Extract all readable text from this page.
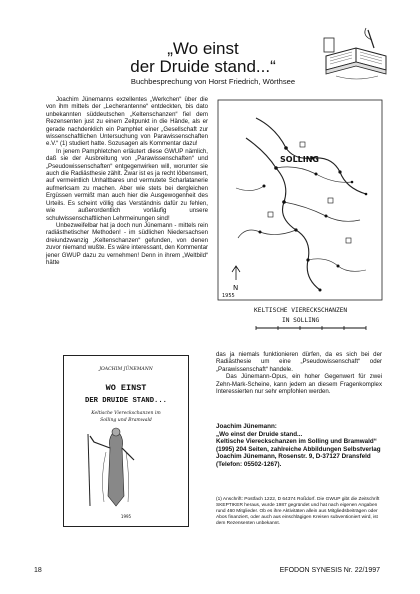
„Wo einst
der Druide stand...“
Buchbesprechung von Horst Friedrich, Wörthsee

Joachim Jünemanns exzellentes „Werkchen“ über die von ihm mittels der „Lecherantenne“ entdeckten, bis dato unbekannten süddeutschen „Keltenschanzen“ fiel dem Rezensenten just zu einem Zeitpunkt in die Hände, als er gerade nachdenklich ein Pamphlet einer „Gesellschaft zur wissenschaftlichen Untersuchung von Parawissenschaften e.V.“ (1) studiert hatte. Sozusagen als Kommentar dazu!

In jenem Pamphletchen erläutert diese GWUP nämlich, daß sie der Ausbreitung von „Parawissenschaften“ und „Pseudowissenschaften“ entgegenwirken will, worunter sie auch die Radiästhesie zählt. Zwar ist es ja recht löbenswert, auf vermeintlich Unhaltbares und vermutete Scharlatanerie aufmerksam zu machen. Aber wie stets bei dergleichen Ergüssen vermißt man auch hier die Ausgewogenheit des Urteils. Es scheint völlig das Verständnis dafür zu fehlen, wie außerordentlich vorläufig unsere schulwissenschaftlichen Lehrmeinungen sind!

Unbezweifelbar hat ja doch nun Jünemann - mittels rein radiästhetischer Methoden! - im südlichen Niedersachsen dreiundzwanzig „Keltenschanzen“ gefunden, von denen zuvor niemand wußte. Es wäre interessant, den Kommentar jener GWUP dazu zu vernehmen! Denn in ihrem „Weltbild“ hätte

SOLLING
N
1955
KELTISCHE VIERECKSCHANZEN
IN SOLLING
JOACHIM JÜNEMANN
WO EINST
DER DRUIDE STAND...
Keltische Viereckschanzen im
Solling und Bramwald
1995

das ja niemals funktionieren dürfen, da es sich bei der Radiästhesie um eine „Pseudowissenschaft“ oder „Parawissenschaft“ handele.

Das Jünemann-Opus, ein hoher Gegenwert für zwei Zehn-Mark-Scheine, kann jedem an diesem Fragenkomplex Interessierten nur sehr empfohlen werden.

Joachim Jünemann:
„Wo einst der Druide stand...
Keltische Viereckschanzen im Solling und Bramwald“
(1995) 204 Seiten, zahlreiche Abbildungen Selbstverlag Joachim Jünemann, Rosenstr. 9, D-37127 Dransfeld (Telefon: 05502-1267).
(1) Anschrift: Postfach 1222, D 64374 Roßdorf. Die GWUP gibt die Zeitschrift SKEPTIKER heraus, wurde 1987 gegründet und hat nach eigenen Angaben rund 460 Mitglieder. Ob es ihre Aktivitäten allein aus Mitgliedsbeiträgen oder Abos finanziert, oder auch aus einschlägigen Kreisen subventioniert wird, ist dem Rezensenten unbekannt.
18	EFODON SYNESIS Nr. 22/1997
